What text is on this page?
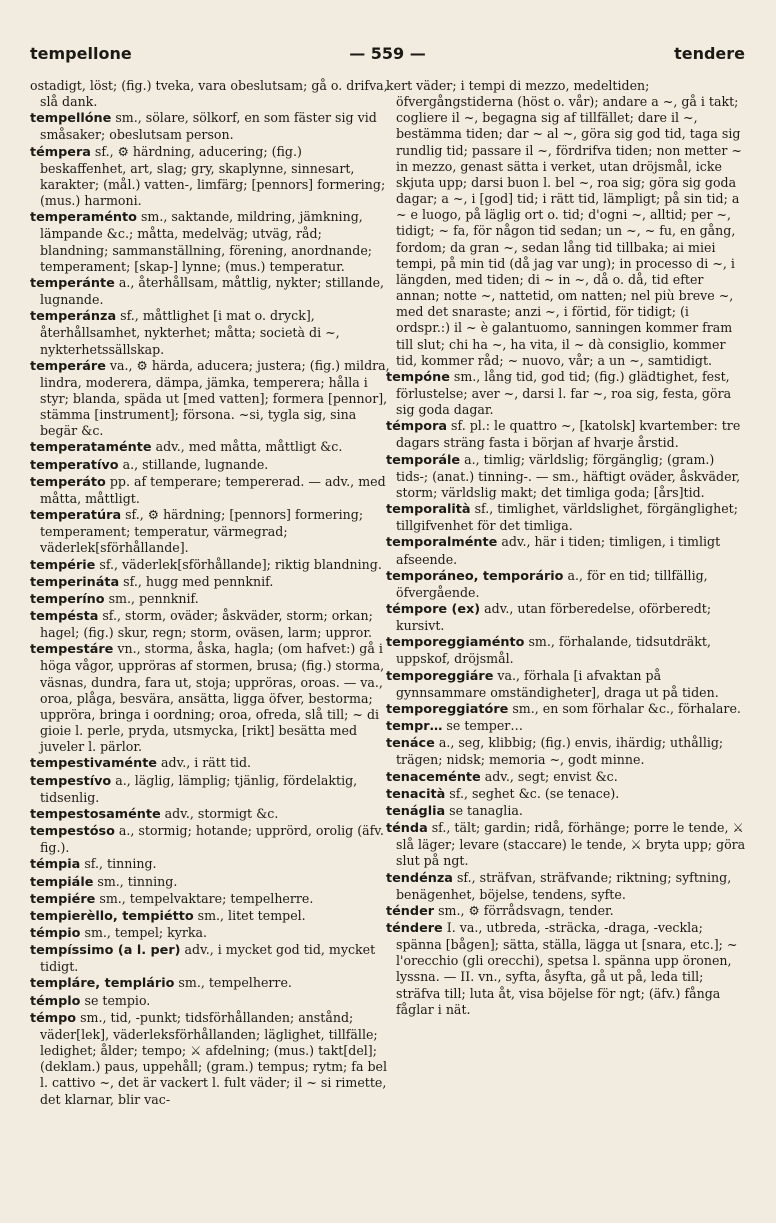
tempellone	— 559 —	tendere

ostadigt, löst; (fig.) tveka, vara obeslutsam; gå o. drifva, slå dank.

tempellóne sm., sölare, sölkorf, en som fäster sig vid småsaker; obeslutsam person.

témpera sf., ⚙ härdning, aducering; (fig.) beskaffenhet, art, slag; gry, skaplynne, sinnesart, karakter; (mål.) vatten-, limfärg; [pennors] formering; (mus.) harmoni.

temperaménto sm., saktande, mildring, jämkning, lämpande &c.; måtta, medelväg; utväg, råd; blandning; sammanställning, förening, anordnande; temperament; [skap-] lynne; (mus.) temperatur.

temperánte a., återhållsam, måttlig, nykter; stillande, lugnande.

temperánza sf., måttlighet [i mat o. dryck], återhållsamhet, nykterhet; måtta; società di ~, nykterhetssällskap.

temperáre va., ⚙ härda, aducera; justera; (fig.) mildra, lindra, moderera, dämpa, jämka, temperera; hålla i styr; blanda, späda ut [med vatten]; formera [pennor], stämma [instrument]; försona. ~si, tygla sig, sina begär &c.

temperataménte adv., med måtta, måttligt &c.

temperatívo a., stillande, lugnande.

temperáto pp. af temperare; tempererad. — adv., med måtta, måttligt.

temperatúra sf., ⚙ härdning; [pennors] formering; temperament; temperatur, värmegrad; väderlek[sförhållande].

tempérie sf., väderlek[sförhållande]; riktig blandning.

temperináta sf., hugg med pennknif.

temperíno sm., pennknif.

tempésta sf., storm, oväder; åskväder, storm; orkan; hagel; (fig.) skur, regn; storm, oväsen, larm; uppror.

tempestáre vn., storma, åska, hagla; (om hafvet:) gå i höga vågor, uppröras af stormen, brusa; (fig.) storma, väsnas, dundra, fara ut, stoja; uppröras, oroas. — va., oroa, plåga, besvära, ansätta, ligga öfver, bestorma; uppröra, bringa i oordning; oroa, ofreda, slå till; ~ di gioie l. perle, pryda, utsmycka, [rikt] besätta med juveler l. pärlor.

tempestivaménte adv., i rätt tid.

tempestívo a., läglig, lämplig; tjänlig, fördelaktig, tidsenlig.

tempestosaménte adv., stormigt &c.

tempestóso a., stormig; hotande; upprörd, orolig (äfv. fig.).

témpia sf., tinning.

tempiále sm., tinning.

tempiére sm., tempelvaktare; tempelherre.

tempierèllo, tempiétto sm., litet tempel.

témpio sm., tempel; kyrka.

tempíssimo (a l. per) adv., i mycket god tid, mycket tidigt.

templáre, templário sm., tempelherre.

témplo se tempio.

témpo sm., tid, -punkt; tidsförhållanden; anstånd; väder[lek], väderleksförhållanden; läglighet, tillfälle; ledighet; ålder; tempo; ⚔ afdelning; (mus.) takt[del]; (deklam.) paus, uppehåll; (gram.) tempus; rytm; fa bel l. cattivo ~, det är vackert l. fult väder; il ~ si rimette, det klarnar, blir vac-

kert väder; i tempi di mezzo, medeltiden; öfvergångstiderna (höst o. vår); andare a ~, gå i takt; cogliere il ~, begagna sig af tillfället; dare il ~, bestämma tiden; dar ~ al ~, göra sig god tid, taga sig rundlig tid; passare il ~, fördrifva tiden; non metter ~ in mezzo, genast sätta i verket, utan dröjsmål, icke skjuta upp; darsi buon l. bel ~, roa sig; göra sig goda dagar; a ~, i [god] tid; i rätt tid, lämpligt; på sin tid; a ~ e luogo, på läglig ort o. tid; d'ogni ~, alltid; per ~, tidigt; ~ fa, för någon tid sedan; un ~, ~ fu, en gång, fordom; da gran ~, sedan lång tid tillbaka; ai miei tempi, på min tid (då jag var ung); in processo di ~, i längden, med tiden; di ~ in ~, då o. då, tid efter annan; notte ~, nattetid, om natten; nel più breve ~, med det snaraste; anzi ~, i förtid, för tidigt; (i ordspr.:) il ~ è galantuomo, sanningen kommer fram till slut; chi ha ~, ha vita, il ~ dà consiglio, kommer tid, kommer råd; ~ nuovo, vår; a un ~, samtidigt.

tempóne sm., lång tid, god tid; (fig.) glädtighet, fest, förlustelse; aver ~, darsi l. far ~, roa sig, festa, göra sig goda dagar.

témpora sf. pl.: le quattro ~, [katolsk] kvartember: tre dagars sträng fasta i början af hvarje årstid.

temporále a., timlig; världslig; förgänglig; (gram.) tids-; (anat.) tinning-. — sm., häftigt oväder, åskväder, storm; världslig makt; det timliga goda; [års]tid.

temporalità sf., timlighet, världslighet, förgänglighet; tillgifvenhet för det timliga.

temporalménte adv., här i tiden; timligen, i timligt afseende.

temporáneo, temporário a., för en tid; tillfällig, öfvergående.

témpore (ex) adv., utan förberedelse, oförberedt; kursivt.

temporeggiaménto sm., förhalande, tidsutdräkt, uppskof, dröjsmål.

temporeggiáre va., förhala [i afvaktan på gynnsammare omständigheter], draga ut på tiden.

temporeggiatóre sm., en som förhalar &c., förhalare.

tempr… se temper…

tenáce a., seg, klibbig; (fig.) envis, ihärdig; uthållig; trägen; nidsk; memoria ~, godt minne.

tenaceménte adv., segt; envist &c.

tenacità sf., seghet &c. (se tenace).

tenáglia se tanaglia.

ténda sf., tält; gardin; ridå, förhänge; porre le tende, ⚔ slå läger; levare (staccare) le tende, ⚔ bryta upp; göra slut på ngt.

tendénza sf., sträfvan, sträfvande; riktning; syftning, benägenhet, böjelse, tendens, syfte.

ténder sm., ⚙ förrådsvagn, tender.

téndere I. va., utbreda, -sträcka, -draga, -veckla; spänna [bågen]; sätta, ställa, lägga ut [snara, etc.]; ~ l'orecchio (gli orecchi), spetsa l. spänna upp öronen, lyssna. — II. vn., syfta, åsyfta, gå ut på, leda till; sträfva till; luta åt, visa böjelse för ngt; (äfv.) fånga fåglar i nät.
